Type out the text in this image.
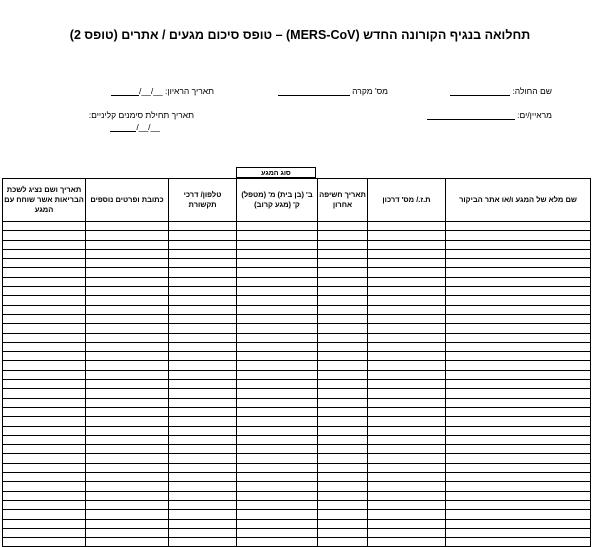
תחלואה בנגיף הקורונה החדש (MERS-CoV) – טופס סיכום מגעים / אתרים (טופס 2)
שם החולה:
מס' מקרה
תאריך הראיון: __/__/
מראיין/ים:
תאריך תחילת סימנים קליניים:
__/__/
סוג המגע
שם מלא של המגע ו/או אתר הביקור	ת.ז./ מס' דרכון	תאריך חשיפה אחרון	ב' (בן בית) מ' (מטפל) ק' (מגע קרוב)	טלפון/ דרכי תקשורת	כתובת ופרטים נוספים	תאריך ושם נציג לשכת הבריאות אשר שוחח עם המגע
